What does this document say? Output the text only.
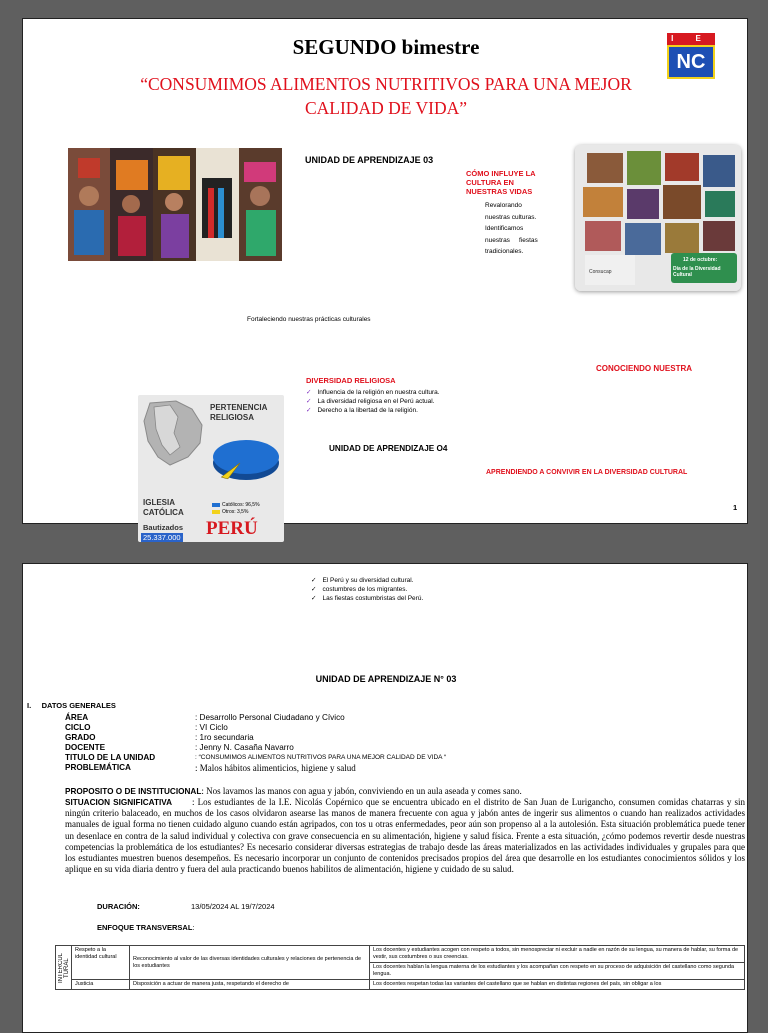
SEGUNDO bimestre
“CONSUMIMOS ALIMENTOS NUTRITIVOS PARA UNA MEJOR
CALIDAD DE VIDA”
I E
NC
UNIDAD DE APRENDIZAJE 03
CÓMO INFLUYE LA
CULTURA EN
NUESTRAS VIDAS
Revalorando
nuestras culturas.
Identificamos
nuestras     fiestas
tradicionales.
12 de octubre:
Día de la Diversidad Cultural
Consucap
Fortaleciendo nuestras prácticas culturales
CONOCIENDO NUESTRA
DIVERSIDAD RELIGIOSA
✓ Influencia de la religión en nuestra cultura.
✓ La diversidad religiosa en el Perú actual.
✓ Derecho a la libertad de la religión.
PERTENENCIA
RELIGIOSA
IGLESIA
CATÓLICA
Católicos: 96,5%
Otros: 3,5%
Bautizados
25.337.000 PERÚ
UNIDAD DE APRENDIZAJE O4
APRENDIENDO A CONVIVIR EN LA DIVERSIDAD CULTURAL
1
✓ El Perú y su diversidad cultural.
✓ costumbres de los migrantes.
✓ Las fiestas costumbristas del Perú.
UNIDAD DE APRENDIZAJE N° 03
I.     DATOS GENERALES
ÁREA	: Desarrollo Personal Ciudadano y Cívico
CICLO	: VI Ciclo
GRADO	: 1ro secundaria
DOCENTE	: Jenny N. Casaña Navarro
TITULO DE LA UNIDAD	: “CONSUMIMOS ALIMENTOS NUTRITIVOS PARA UNA MEJOR CALIDAD DE VIDA “
PROBLEMÁTICA	: Malos hábitos alimenticios, higiene y salud
PROPOSITO O DE INSTITUCIONAL: Nos lavamos las manos con agua y jabón, conviviendo en un aula aseada y comes sano.
SITUACION SIGNIFICATIVA : Los estudiantes de la I.E. Nicolás Copérnico que se encuentra ubicado en el distrito de San Juan de Lurigancho, consumen comidas chatarras y sin ningún criterio balaceado, en muchos de los casos olvidaron asearse las manos de manera frecuente con agua y jabón antes de ingerir sus alimentos o cuando han realizados actividades manuales de igual forma no tienen cuidado alguno cuando están agripados, con tos u otras enfermedades, peor aún son propenso al a la autolesión. Esta situación problemática puede tener un desenlace en contra de la salud individual y colectiva con grave consecuencia en su alimentación, higiene y salud física. Frente a esta situación, ¿cómo podemos revertir desde nuestras competencias la problemática de los estudiantes? Es necesario considerar diversas estrategias de trabajo desde las áreas materializados en las actividades individuales y grupales para que los estudiantes muestren buenos desempeños. Es necesario incorporar un conjunto de contenidos precisados propios del área que desarrolle en los estudiantes conocimientos sólidos y los aplique en su vida diaria dentro y fuera del aula practicando buenos habilitos de alimentación, higiene y cuidado de su salud.
DURACIÓN:	13/05/2024 AL 19/7/2024
ENFOQUE TRANSVERSAL:
INTERCUL TURAL	Respeto a la identidad cultural	Reconocimiento al valor de las diversas identidades culturales y relaciones de pertenencia de los estudiantes	Los docentes y estudiantes acogen con respeto a todos, sin menospreciar ni excluir a nadie en razón de su lengua, su manera de hablar, su forma de vestir, sus costumbres o sus creencias.
			Los docentes hablan la lengua materna de los estudiantes y los acompañan con respeto en su proceso de adquisición del castellano como segunda lengua.
	Justicia	Disposición a actuar de manera justa, respetando el derecho de	Los docentes respetan todas las variantes del castellano que se hablan en distintas regiones del país, sin obligar a los
